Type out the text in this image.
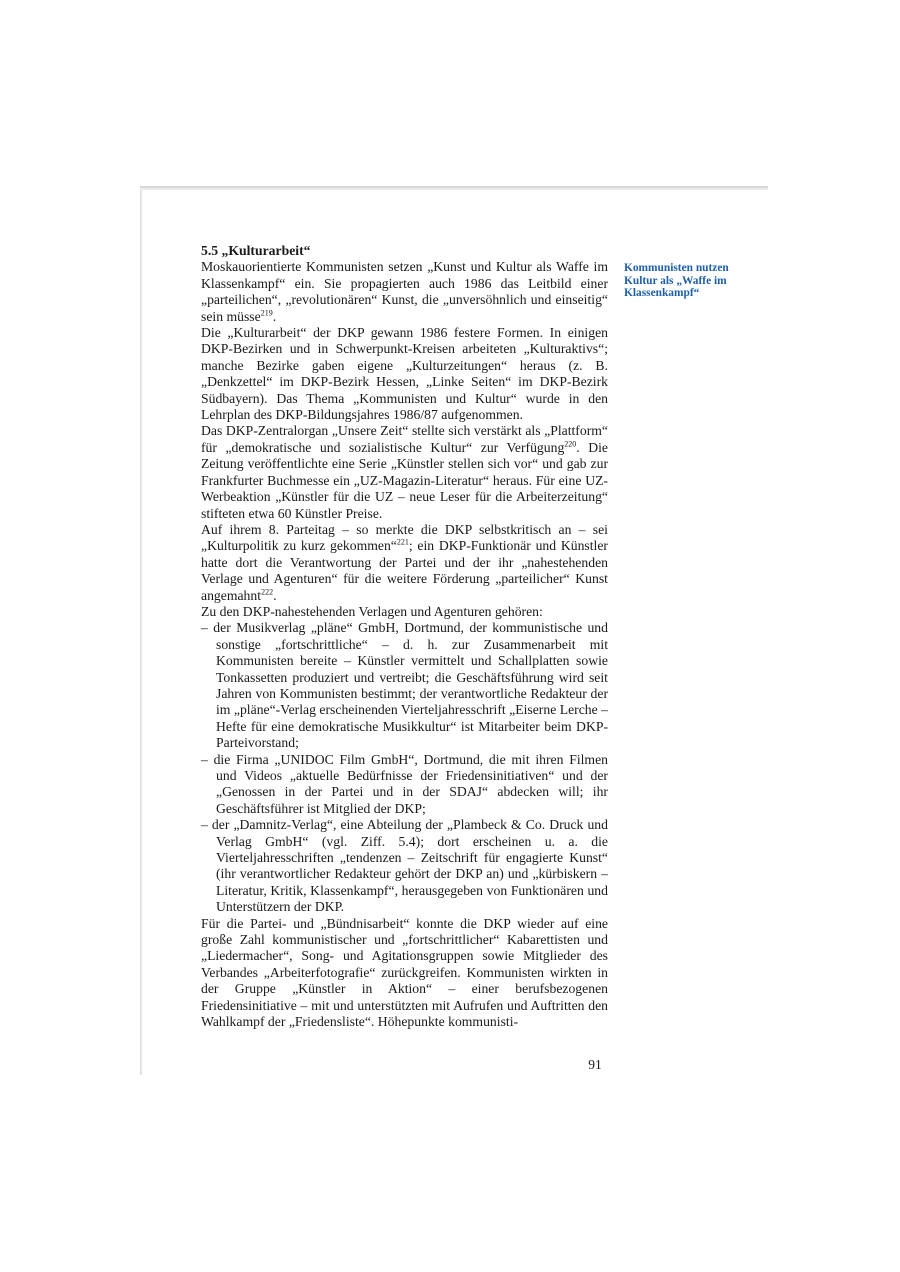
5.5 „Kulturarbeit“

Moskauorientierte Kommunisten setzen „Kunst und Kultur als Waffe im Klassenkampf“ ein. Sie propagierten auch 1986 das Leitbild einer „parteilichen“, „revolutionären“ Kunst, die „unversöhnlich und einseitig“ sein müsse$^{219}$.

Die „Kulturarbeit“ der DKP gewann 1986 festere Formen. In einigen DKP-Bezirken und in Schwerpunkt-Kreisen arbeiteten „Kulturaktivs“; manche Bezirke gaben eigene „Kulturzeitungen“ heraus (z. B. „Denkzettel“ im DKP-Bezirk Hessen, „Linke Seiten“ im DKP-Bezirk Südbayern). Das Thema „Kommunisten und Kultur“ wurde in den Lehrplan des DKP-Bildungsjahres 1986/87 aufgenommen.

Das DKP-Zentralorgan „Unsere Zeit“ stellte sich verstärkt als „Plattform“ für „demokratische und sozialistische Kultur“ zur Verfügung$^{220}$. Die Zeitung veröffentlichte eine Serie „Künstler stellen sich vor“ und gab zur Frankfurter Buchmesse ein „UZ-Magazin-Literatur“ heraus. Für eine UZ-Werbeaktion „Künstler für die UZ – neue Leser für die Arbeiterzeitung“ stifteten etwa 60 Künstler Preise.

Auf ihrem 8. Parteitag – so merkte die DKP selbstkritisch an – sei „Kulturpolitik zu kurz gekommen“$^{221}$; ein DKP-Funktionär und Künstler hatte dort die Verantwortung der Partei und der ihr „nahestehenden Verlage und Agenturen“ für die weitere Förderung „parteilicher“ Kunst angemahnt$^{222}$.

Zu den DKP-nahestehenden Verlagen und Agenturen gehören:

– der Musikverlag „pläne“ GmbH, Dortmund, der kommunistische und sonstige „fortschrittliche“ – d. h. zur Zusammenarbeit mit Kommunisten bereite – Künstler vermittelt und Schallplatten sowie Tonkassetten produziert und vertreibt; die Geschäftsführung wird seit Jahren von Kommunisten bestimmt; der verantwortliche Redakteur der im „pläne“-Verlag erscheinenden Vierteljahresschrift „Eiserne Lerche – Hefte für eine demokratische Musikkultur“ ist Mitarbeiter beim DKP-Parteivorstand;

– die Firma „UNIDOC Film GmbH“, Dortmund, die mit ihren Filmen und Videos „aktuelle Bedürfnisse der Friedensinitiativen“ und der „Genossen in der Partei und in der SDAJ“ abdecken will; ihr Geschäftsführer ist Mitglied der DKP;

– der „Damnitz-Verlag“, eine Abteilung der „Plambeck & Co. Druck und Verlag GmbH“ (vgl. Ziff. 5.4); dort erscheinen u. a. die Vierteljahresschriften „tendenzen – Zeitschrift für engagierte Kunst“ (ihr verantwortlicher Redakteur gehört der DKP an) und „kürbiskern – Literatur, Kritik, Klassenkampf“, herausgegeben von Funktionären und Unterstützern der DKP.

Für die Partei- und „Bündnisarbeit“ konnte die DKP wieder auf eine große Zahl kommunistischer und „fortschrittlicher“ Kabarettisten und „Liedermacher“, Song- und Agitationsgruppen sowie Mitglieder des Verbandes „Arbeiterfotografie“ zurückgreifen. Kommunisten wirkten in der Gruppe „Künstler in Aktion“ – einer berufsbezogenen Friedensinitiative – mit und unterstützten mit Aufrufen und Auftritten den Wahlkampf der „Friedensliste“. Höhepunkte kommunisti-

Kommunisten nutzen Kultur als „Waffe im Klassenkampf“
91
